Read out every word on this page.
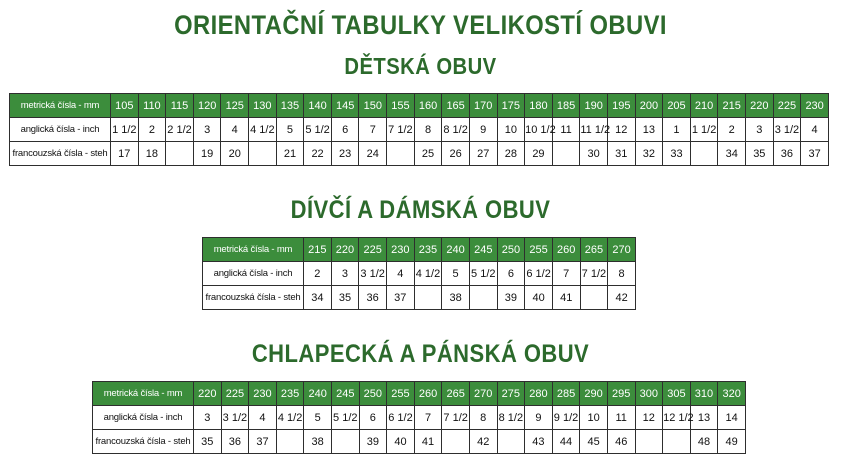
ORIENTAČNÍ TABULKY VELIKOSTÍ OBUVI
DĚTSKÁ OBUV
metrická čísla - mm	105	110	115	120	125	130	135	140	145	150	155	160	165	170	175	180	185	190	195	200	205	210	215	220	225	230
anglická čísla - inch	1 1/2	2	2 1/2	3	4	4 1/2	5	5 1/2	6	7	7 1/2	8	8 1/2	9	10	10 1/2	11	11 1/2	12	13	1	1 1/2	2	3	3 1/2	4
francouzská čísla - steh	17	18		19	20		21	22	23	24		25	26	27	28	29		30	31	32	33		34	35	36	37
DÍVČÍ A DÁMSKÁ OBUV
metrická čísla - mm	215	220	225	230	235	240	245	250	255	260	265	270
anglická čísla - inch	2	3	3 1/2	4	4 1/2	5	5 1/2	6	6 1/2	7	7 1/2	8
francouzská čísla - steh	34	35	36	37		38		39	40	41		42
CHLAPECKÁ A PÁNSKÁ OBUV
metrická čísla - mm	220	225	230	235	240	245	250	255	260	265	270	275	280	285	290	295	300	305	310	320
anglická čísla - inch	3	3 1/2	4	4 1/2	5	5 1/2	6	6 1/2	7	7 1/2	8	8 1/2	9	9 1/2	10	11	12	12 1/2	13	14
francouzská čísla - steh	35	36	37		38		39	40	41		42		43	44	45	46			48	49
